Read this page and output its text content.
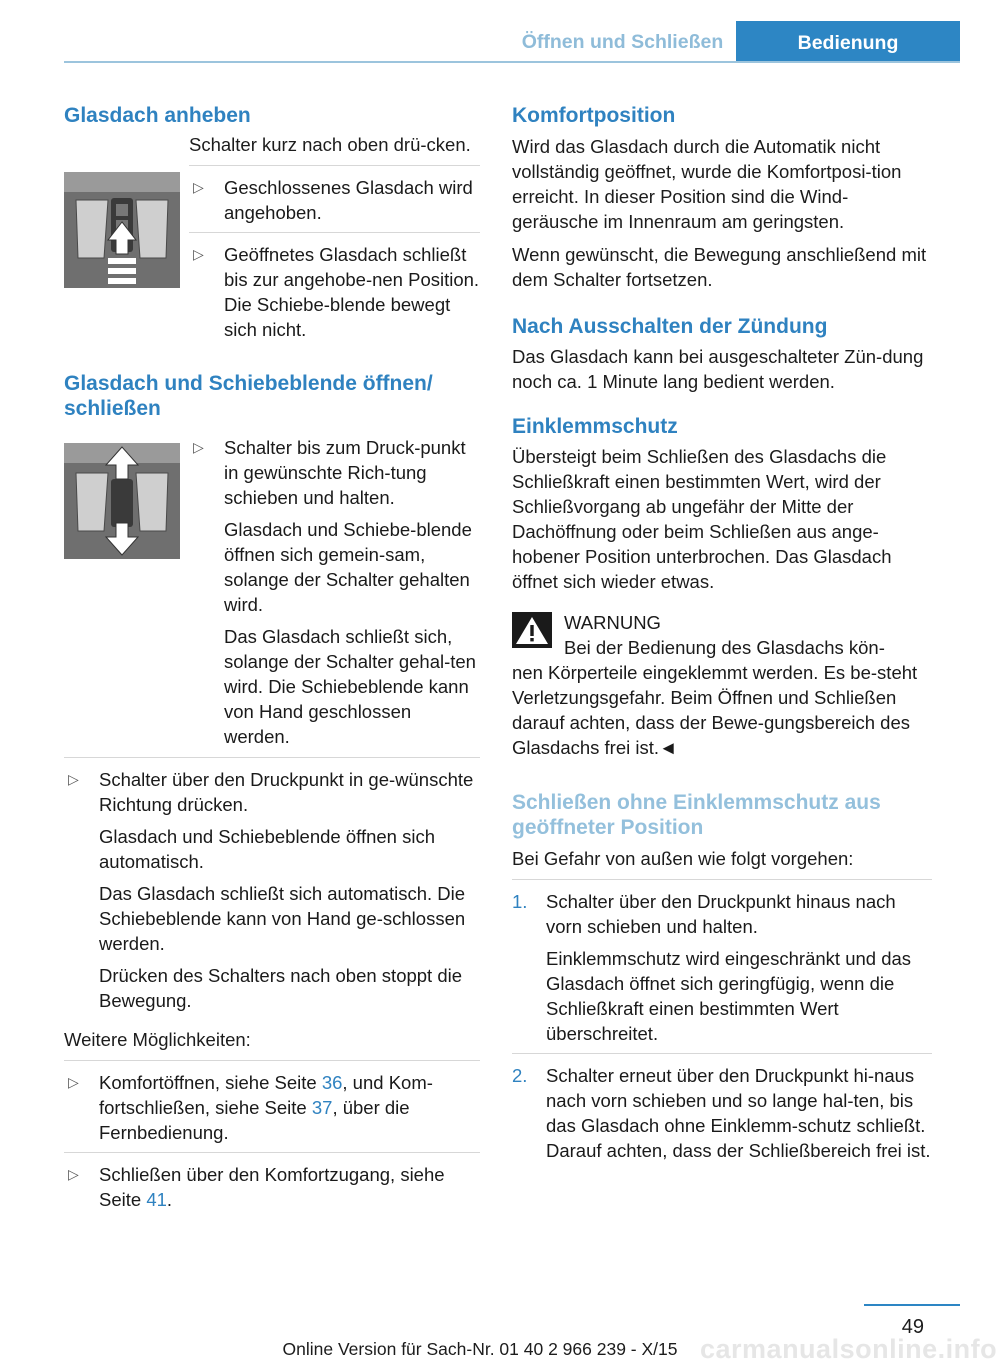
Öffnen und Schließen	Bedienung
Glasdach anheben
Schalter kurz nach oben drü-cken.
▷ Geschlossenes Glasdach wird angehoben.
▷ Geöffnetes Glasdach schließt bis zur angehobe-nen Position. Die Schiebe-blende bewegt sich nicht.
Glasdach und Schiebeblende öffnen/ schließen
▷ Schalter bis zum Druck-punkt in gewünschte Rich-tung schieben und halten.
Glasdach und Schiebe-blende öffnen sich gemein-sam, solange der Schalter gehalten wird.
Das Glasdach schließt sich, solange der Schalter gehal-ten wird. Die Schiebeblende kann von Hand geschlossen werden.
▷ Schalter über den Druckpunkt in ge-wünschte Richtung drücken.
Glasdach und Schiebeblende öffnen sich automatisch.
Das Glasdach schließt sich automatisch. Die Schiebeblende kann von Hand ge-schlossen werden.
Drücken des Schalters nach oben stoppt die Bewegung.
Weitere Möglichkeiten:
▷ Komfortöffnen, siehe Seite 36, und Kom-fortschließen, siehe Seite 37, über die Fernbedienung.
▷ Schließen über den Komfortzugang, siehe Seite 41.
Komfortposition
Wird das Glasdach durch die Automatik nicht vollständig geöffnet, wurde die Komfortposi-tion erreicht. In dieser Position sind die Wind-geräusche im Innenraum am geringsten.
Wenn gewünscht, die Bewegung anschließend mit dem Schalter fortsetzen.
Nach Ausschalten der Zündung
Das Glasdach kann bei ausgeschalteter Zün-dung noch ca. 1 Minute lang bedient werden.
Einklemmschutz
Übersteigt beim Schließen des Glasdachs die Schließkraft einen bestimmten Wert, wird der Schließvorgang ab ungefähr der Mitte der Dachöffnung oder beim Schließen aus ange-hobener Position unterbrochen. Das Glasdach öffnet sich wieder etwas.
WARNUNG
Bei der Bedienung des Glasdachs kön-
nen Körperteile eingeklemmt werden. Es be-steht Verletzungsgefahr. Beim Öffnen und Schließen darauf achten, dass der Bewe-gungsbereich des Glasdachs frei ist.◄
Schließen ohne Einklemmschutz aus geöffneter Position
Bei Gefahr von außen wie folgt vorgehen:
1. Schalter über den Druckpunkt hinaus nach vorn schieben und halten.
Einklemmschutz wird eingeschränkt und das Glasdach öffnet sich geringfügig, wenn die Schließkraft einen bestimmten Wert überschreitet.
2. Schalter erneut über den Druckpunkt hi-naus nach vorn schieben und so lange hal-ten, bis das Glasdach ohne Einklemm-schutz schließt. Darauf achten, dass der Schließbereich frei ist.
49
carmanualsonline.info
Online Version für Sach-Nr. 01 40 2 966 239 - X/15
